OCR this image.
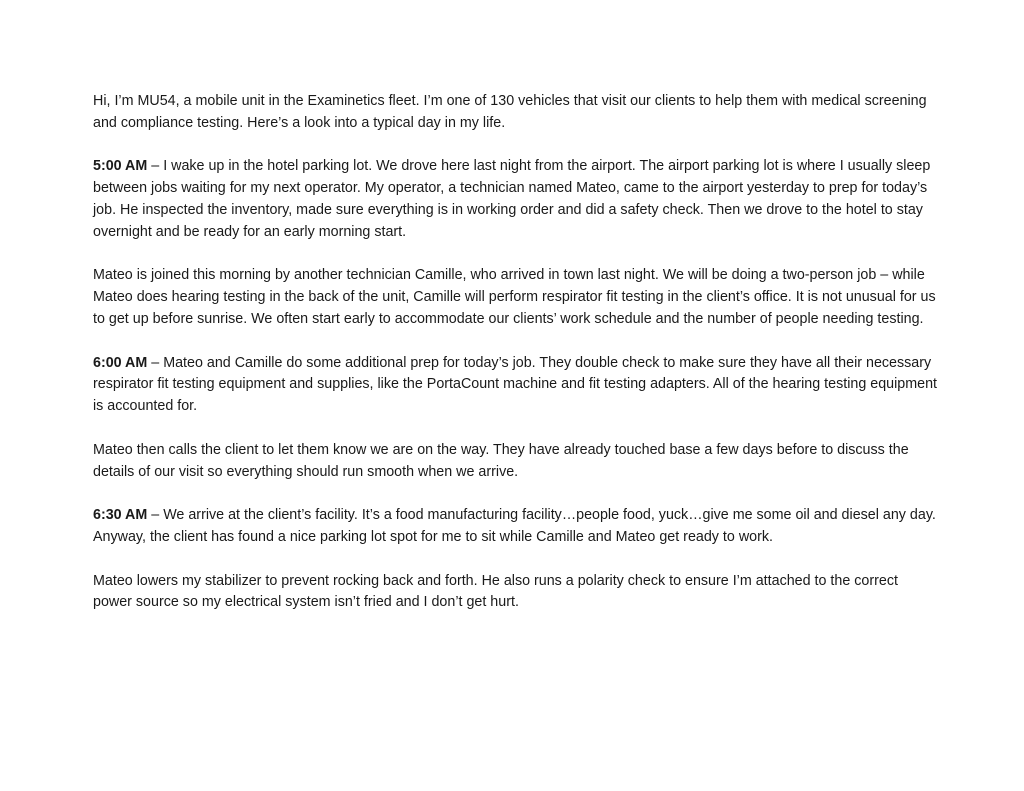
Hi, I’m MU54, a mobile unit in the Examinetics fleet. I’m one of 130 vehicles that visit our clients to help them with medical screening and compliance testing. Here’s a look into a typical day in my life.

5:00 AM – I wake up in the hotel parking lot. We drove here last night from the airport. The airport parking lot is where I usually sleep between jobs waiting for my next operator. My operator, a technician named Mateo, came to the airport yesterday to prep for today’s job. He inspected the inventory, made sure everything is in working order and did a safety check. Then we drove to the hotel to stay overnight and be ready for an early morning start.

Mateo is joined this morning by another technician Camille, who arrived in town last night. We will be doing a two-person job – while Mateo does hearing testing in the back of the unit, Camille will perform respirator fit testing in the client’s office. It is not unusual for us to get up before sunrise. We often start early to accommodate our clients’ work schedule and the number of people needing testing.

6:00 AM – Mateo and Camille do some additional prep for today’s job. They double check to make sure they have all their necessary respirator fit testing equipment and supplies, like the PortaCount machine and fit testing adapters. All of the hearing testing equipment is accounted for.

Mateo then calls the client to let them know we are on the way. They have already touched base a few days before to discuss the details of our visit so everything should run smooth when we arrive.

6:30 AM – We arrive at the client’s facility. It’s a food manufacturing facility…people food, yuck…give me some oil and diesel any day. Anyway, the client has found a nice parking lot spot for me to sit while Camille and Mateo get ready to work.

Mateo lowers my stabilizer to prevent rocking back and forth. He also runs a polarity check to ensure I’m attached to the correct power source so my electrical system isn’t fried and I don’t get hurt.
